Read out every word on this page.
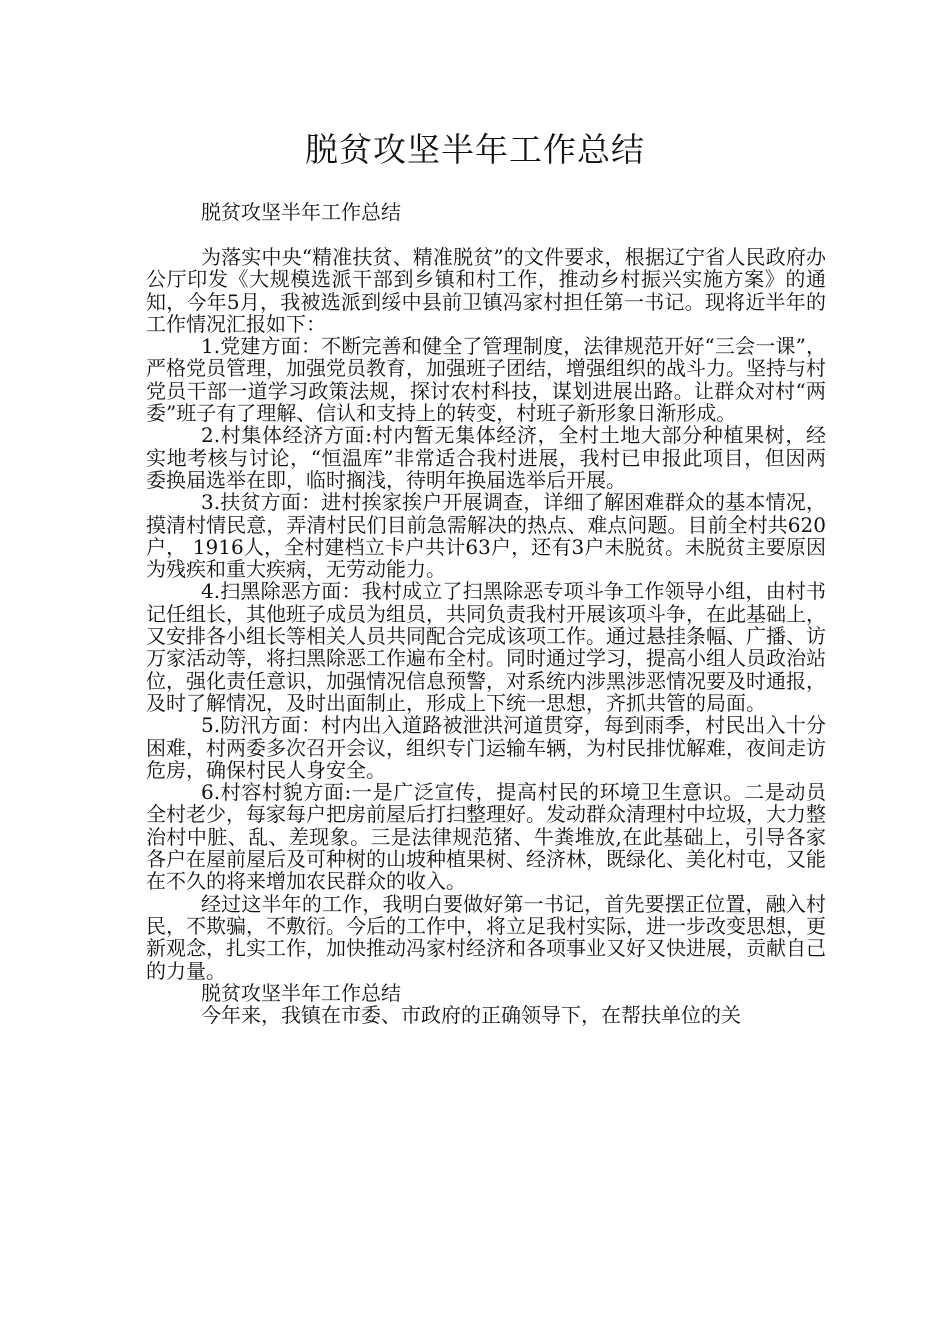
脱贫攻坚半年工作总结

脱贫攻坚半年工作总结

为落实中央“精准扶贫、精准脱贫”的文件要求，根据辽宁省人民政府办公厅印发《大规模选派干部到乡镇和村工作，推动乡村振兴实施方案》的通知，今年5月，我被选派到绥中县前卫镇冯家村担任第一书记。现将近半年的工作情况汇报如下：

1.党建方面：不断完善和健全了管理制度，法律规范开好“三会一课”，严格党员管理，加强党员教育，加强班子团结，增强组织的战斗力。坚持与村党员干部一道学习政策法规，探讨农村科技，谋划进展出路。让群众对村“两委”班子有了理解、信认和支持上的转变，村班子新形象日渐形成。

2.村集体经济方面:村内暂无集体经济，全村土地大部分种植果树，经实地考核与讨论，“恒温库”非常适合我村进展，我村已申报此项目，但因两委换届选举在即，临时搁浅，待明年换届选举后开展。

3.扶贫方面：进村挨家挨户开展调查，详细了解困难群众的基本情况，摸清村情民意，弄清村民们目前急需解决的热点、难点问题。目前全村共620户， 1916人，全村建档立卡户共计63户，还有3户未脱贫。未脱贫主要原因为残疾和重大疾病，无劳动能力。

4.扫黑除恶方面：我村成立了扫黑除恶专项斗争工作领导小组，由村书记任组长，其他班子成员为组员，共同负责我村开展该项斗争，在此基础上，又安排各小组长等相关人员共同配合完成该项工作。通过悬挂条幅、广播、访万家活动等，将扫黑除恶工作遍布全村。同时通过学习，提高小组人员政治站位，强化责任意识，加强情况信息预警，对系统内涉黑涉恶情况要及时通报，及时了解情况，及时出面制止，形成上下统一思想，齐抓共管的局面。

5.防汛方面：村内出入道路被泄洪河道贯穿，每到雨季，村民出入十分困难，村两委多次召开会议，组织专门运输车辆，为村民排忧解难，夜间走访危房，确保村民人身安全。

6.村容村貌方面:一是广泛宣传，提高村民的环境卫生意识。二是动员全村老少，每家每户把房前屋后打扫整理好。发动群众清理村中垃圾，大力整治村中脏、乱、差现象。三是法律规范猪、牛粪堆放,在此基础上，引导各家各户在屋前屋后及可种树的山坡种植果树、经济林，既绿化、美化村屯，又能在不久的将来增加农民群众的收入。

经过这半年的工作，我明白要做好第一书记，首先要摆正位置，融入村民，不欺骗，不敷衍。今后的工作中，将立足我村实际，进一步改变思想，更新观念，扎实工作，加快推动冯家村经济和各项事业又好又快进展，贡献自己的力量。

脱贫攻坚半年工作总结

今年来，我镇在市委、市政府的正确领导下，在帮扶单位的关
